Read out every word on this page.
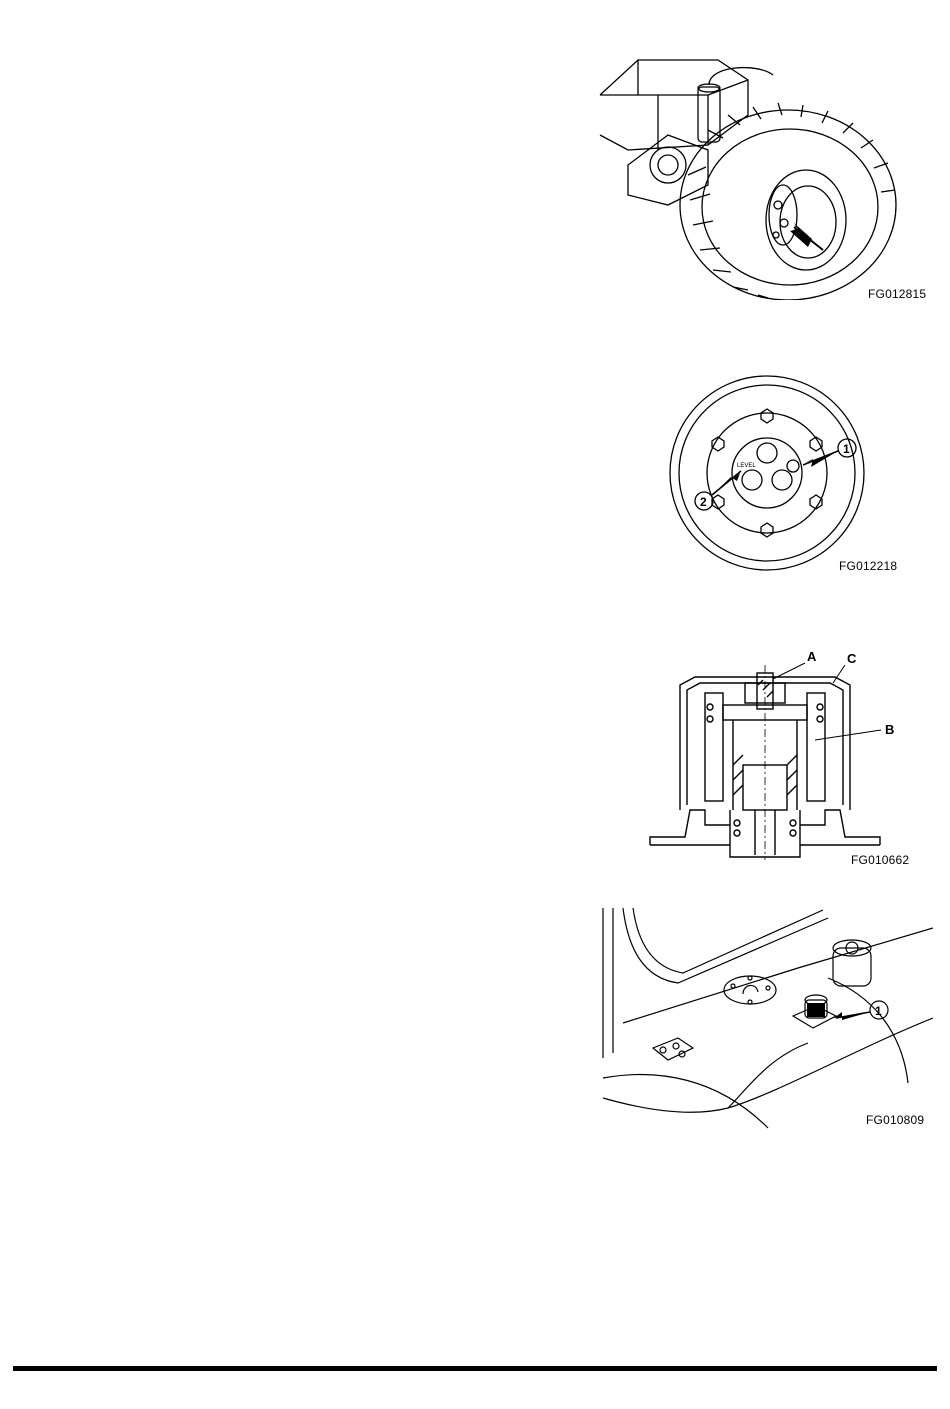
FG012815
LEVEL
1
2
FG012218
A
B
C
FG010662
1
FG010809
